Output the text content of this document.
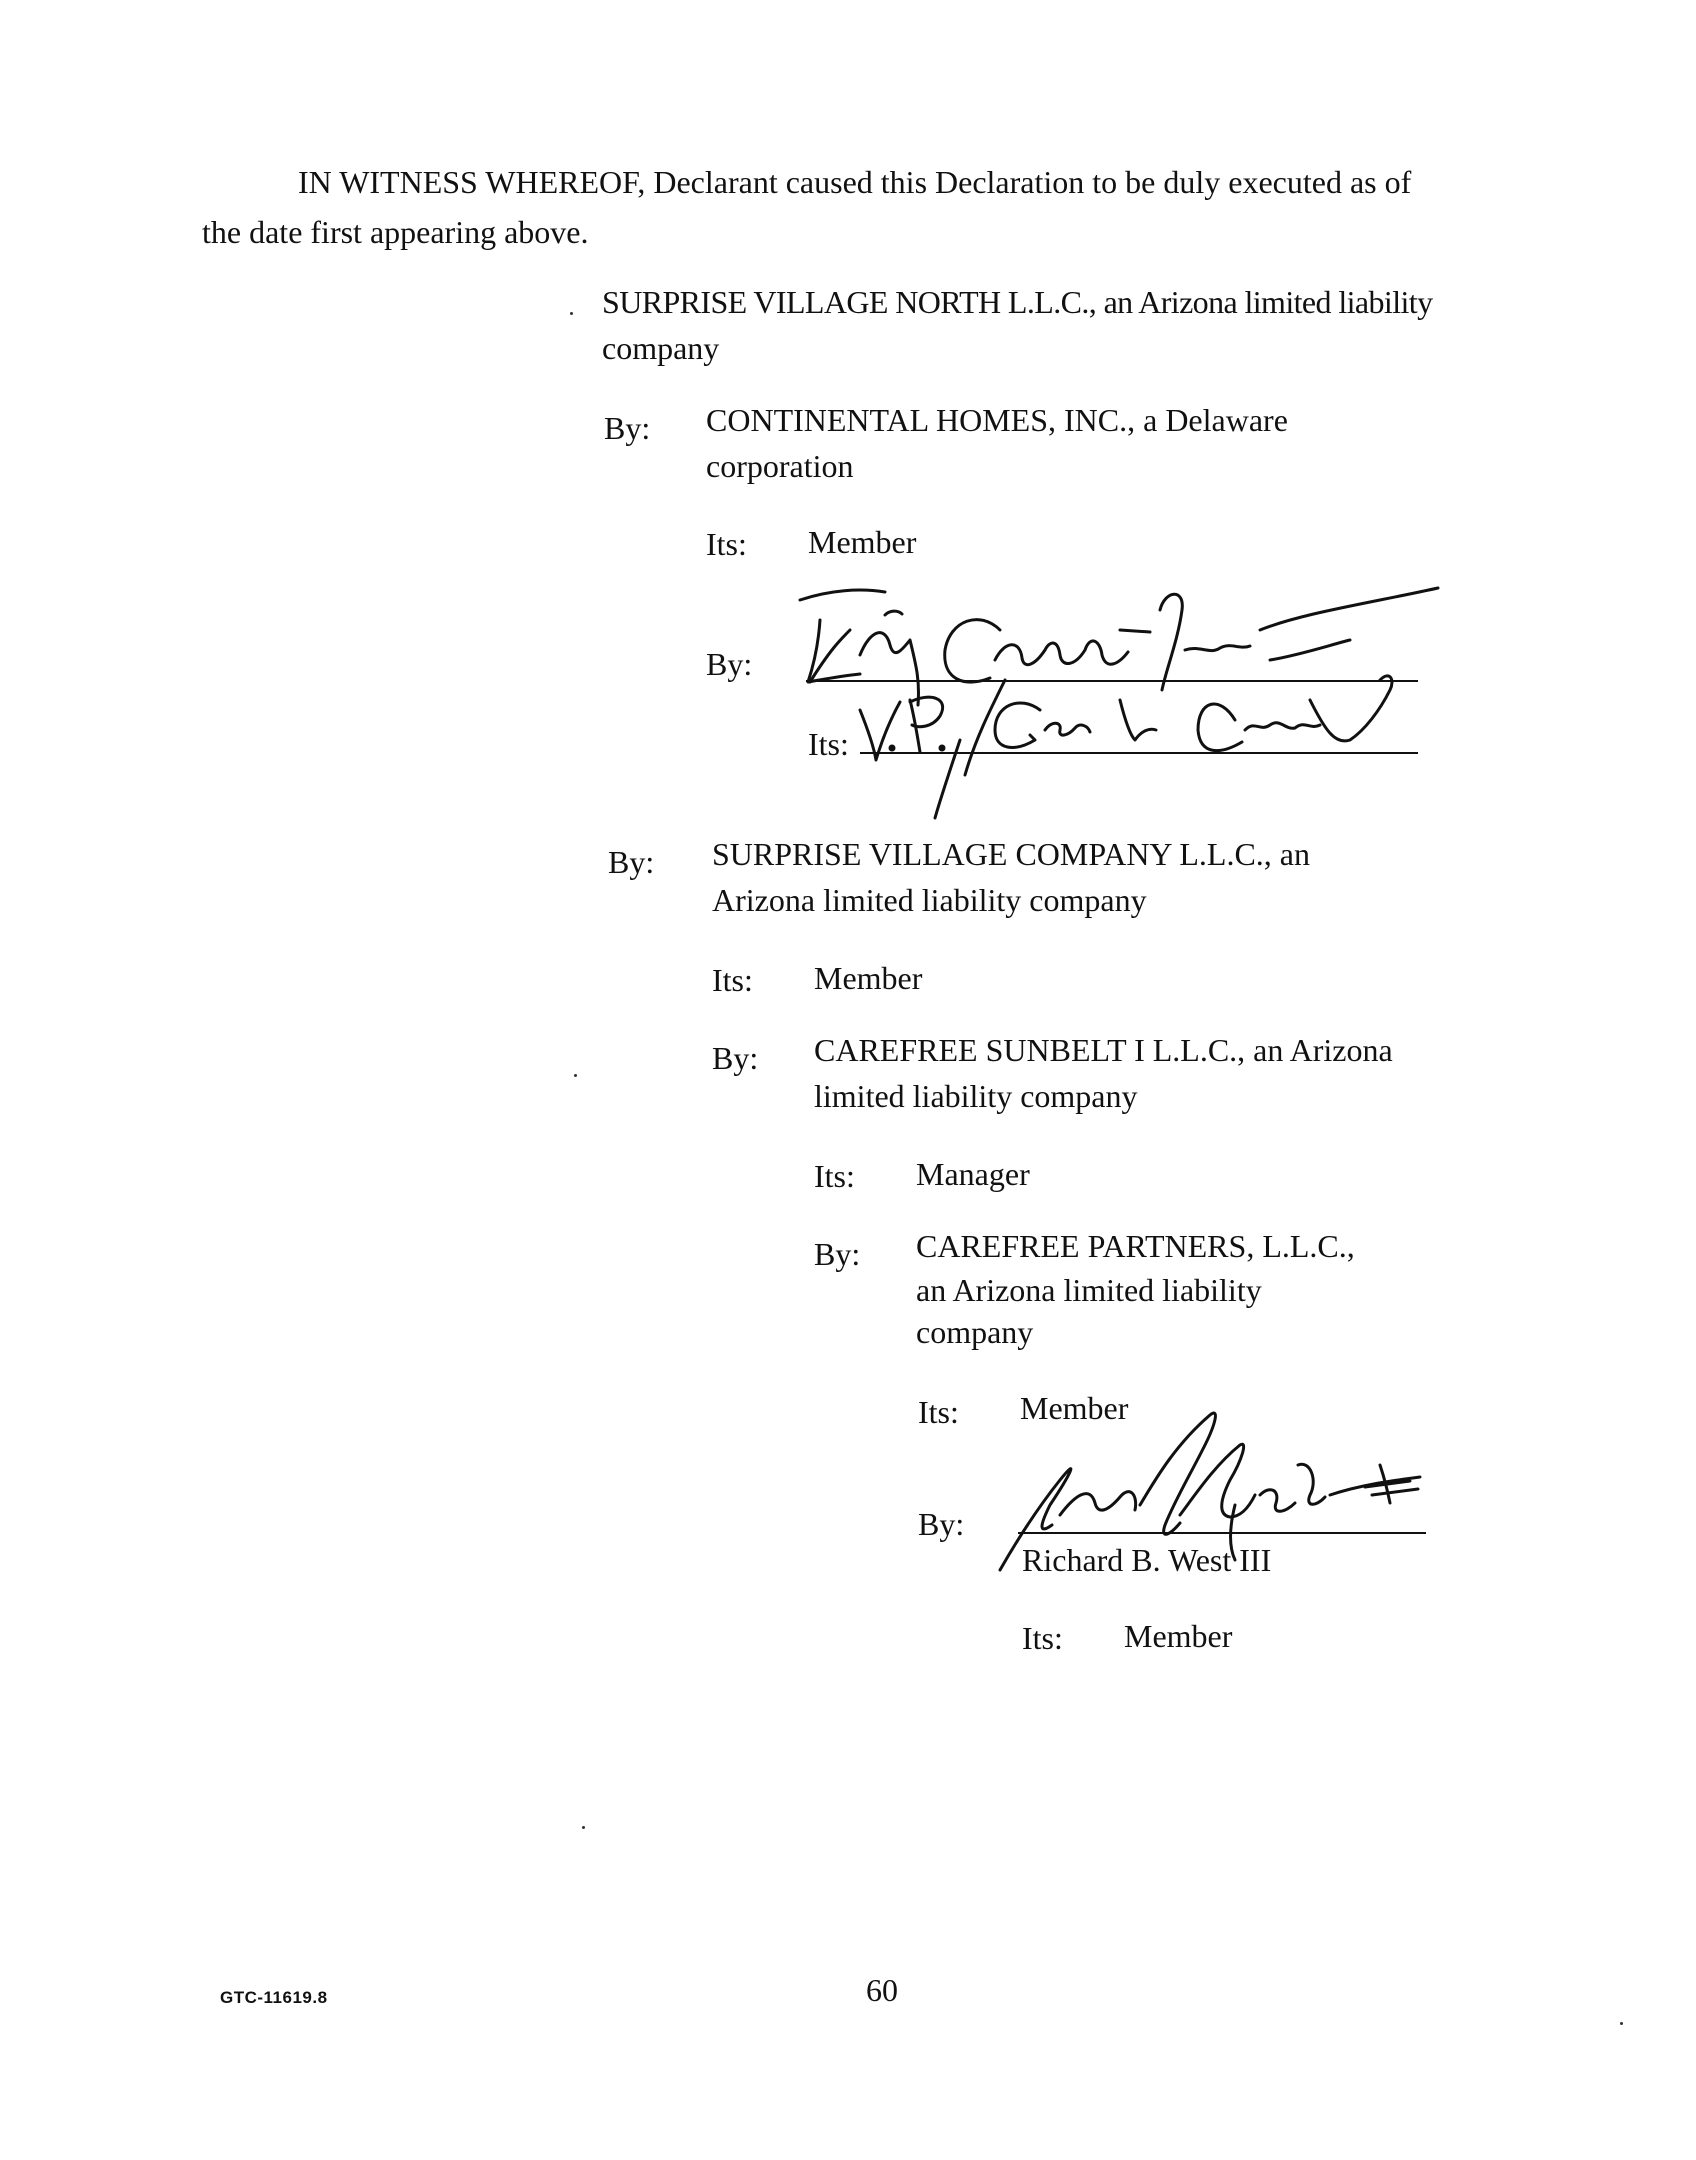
IN WITNESS WHEREOF, Declarant caused this Declaration to be duly executed as of
the date first appearing above.
SURPRISE VILLAGE NORTH L.L.C., an Arizona limited liability
company
By: CONTINENTAL HOMES, INC., a Delaware
corporation
Its: Member
By:
Its:
By: SURPRISE VILLAGE COMPANY L.L.C., an
Arizona limited liability company
Its: Member
By: CAREFREE SUNBELT I L.L.C., an Arizona
limited liability company
Its: Manager
By: CAREFREE PARTNERS, L.L.C.,
an Arizona limited liability
company
Its: Member
By:
Richard B. West III
Its: Member
GTC-11619.8	60
